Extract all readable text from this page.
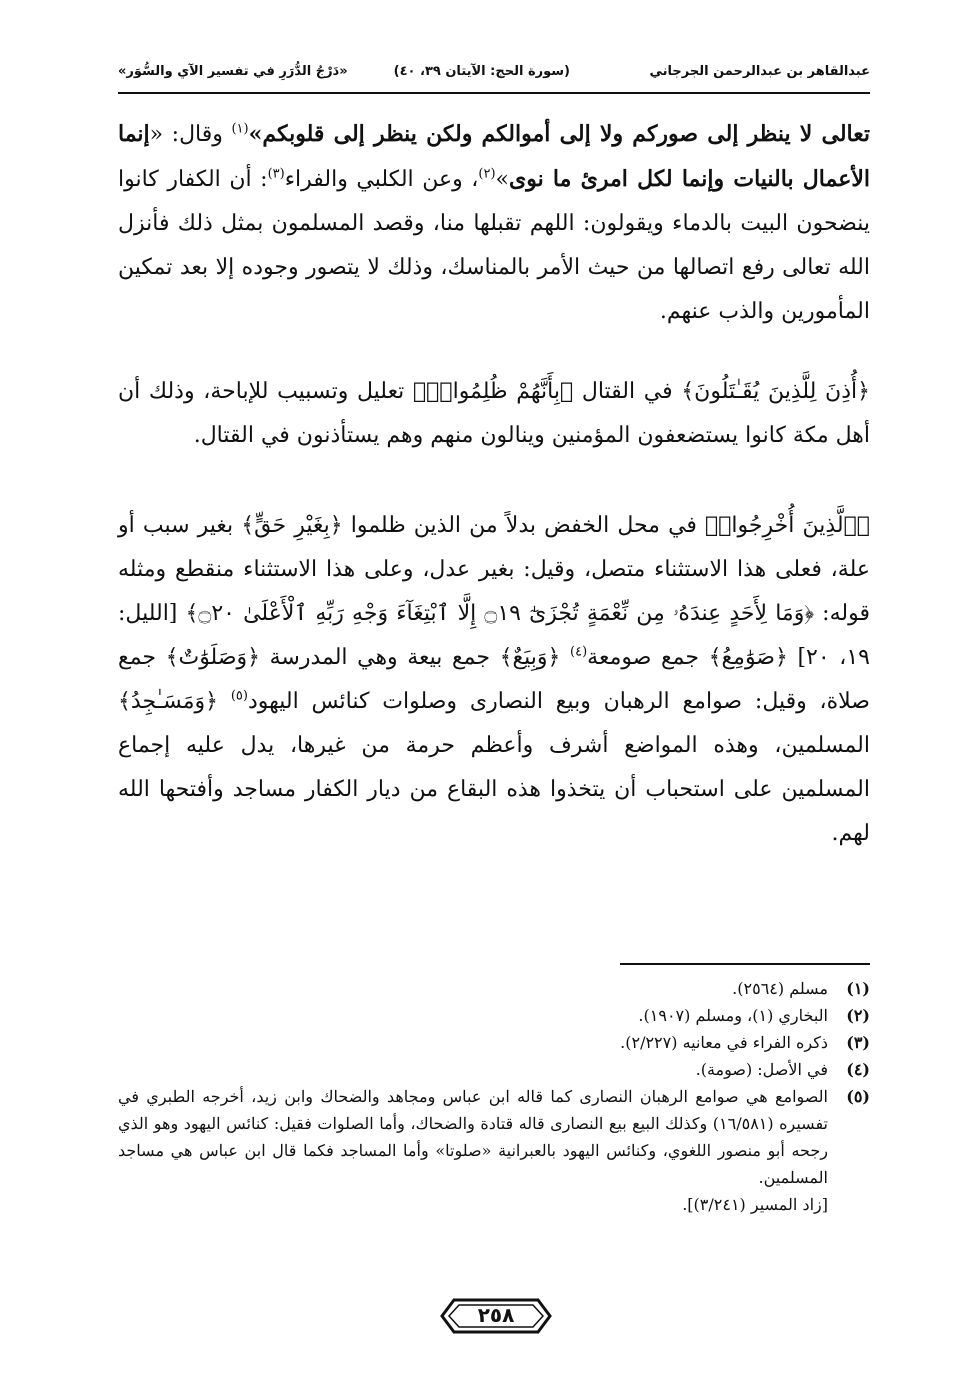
عبدالقاهر بن عبدالرحمن الجرجاني
(سورة الحج: الآيتان ٣٩، ٤٠)
«دَرْجُ الدُّرَرِ في تفسير الآي والسُّوَر»

تعالى لا ينظر إلى صوركم ولا إلى أموالكم ولكن ينظر إلى قلوبكم»$^{(١)}$ وقال: «إنما الأعمال بالنيات وإنما لكل امرئ ما نوى»$^{(٢)}$، وعن الكلبي والفراء$^{(٣)}$: أن الكفار كانوا ينضحون البيت بالدماء ويقولون: اللهم تقبلها منا، وقصد المسلمون بمثل ذلك فأنزل الله تعالى رفع اتصالها من حيث الأمر بالمناسك، وذلك لا يتصور وجوده إلا بعد تمكين المأمورين والذب عنهم.

﴿أُذِنَ لِلَّذِينَ يُقَـٰتَلُونَ﴾ في القتال ﴿بِأَنَّهُمْ ظُلِمُوا۟ۚ﴾ تعليل وتسبيب للإباحة، وذلك أن أهل مكة كانوا يستضعفون المؤمنين وينالون منهم وهم يستأذنون في القتال.

﴿ٱلَّذِينَ أُخْرِجُوا۟﴾ في محل الخفض بدلاً من الذين ظلموا ﴿بِغَيْرِ حَقٍّ﴾ بغير سبب أو علة، فعلى هذا الاستثناء متصل، وقيل: بغير عدل، وعلى هذا الاستثناء منقطع ومثله قوله: ﴿وَمَا لِأَحَدٍ عِندَهُۥ مِن نِّعْمَةٍ تُجْزَىٰٓ ۝١٩ إِلَّا ٱبْتِغَآءَ وَجْهِ رَبِّهِ ٱلْأَعْلَىٰ ۝٢٠﴾ [الليل: ١٩، ٢٠] ﴿صَوَٰمِعُ﴾ جمع صومعة$^{(٤)}$ ﴿وَبِيَعٌ﴾ جمع بيعة وهي المدرسة ﴿وَصَلَوَٰتٌ﴾ جمع صلاة، وقيل: صوامع الرهبان وبيع النصارى وصلوات كنائس اليهود$^{(٥)}$ ﴿وَمَسَـٰجِدُ﴾ المسلمين، وهذه المواضع أشرف وأعظم حرمة من غيرها، يدل عليه إجماع المسلمين على استحباب أن يتخذوا هذه البقاع من ديار الكفار مساجد وأفتحها الله لهم.

(١)
مسلم (٢٥٦٤).
(٢)
البخاري (١)، ومسلم (١٩٠٧).
(٣)
ذكره الفراء في معانيه (٢/٢٢٧).
(٤)
في الأصل: (صومة).
(٥)
الصوامع هي صوامع الرهبان النصارى كما قاله ابن عباس ومجاهد والضحاك وابن زيد، أخرجه الطبري في تفسيره (١٦/٥٨١) وكذلك البيع بيع النصارى قاله قتادة والضحاك، وأما الصلوات فقيل: كنائس اليهود وهو الذي رجحه أبو منصور اللغوي، وكنائس اليهود بالعبرانية «صلوتا» وأما المساجد فكما قال ابن عباس هي مساجد المسلمين.
[زاد المسير (٣/٢٤١)].
٢٥٨
